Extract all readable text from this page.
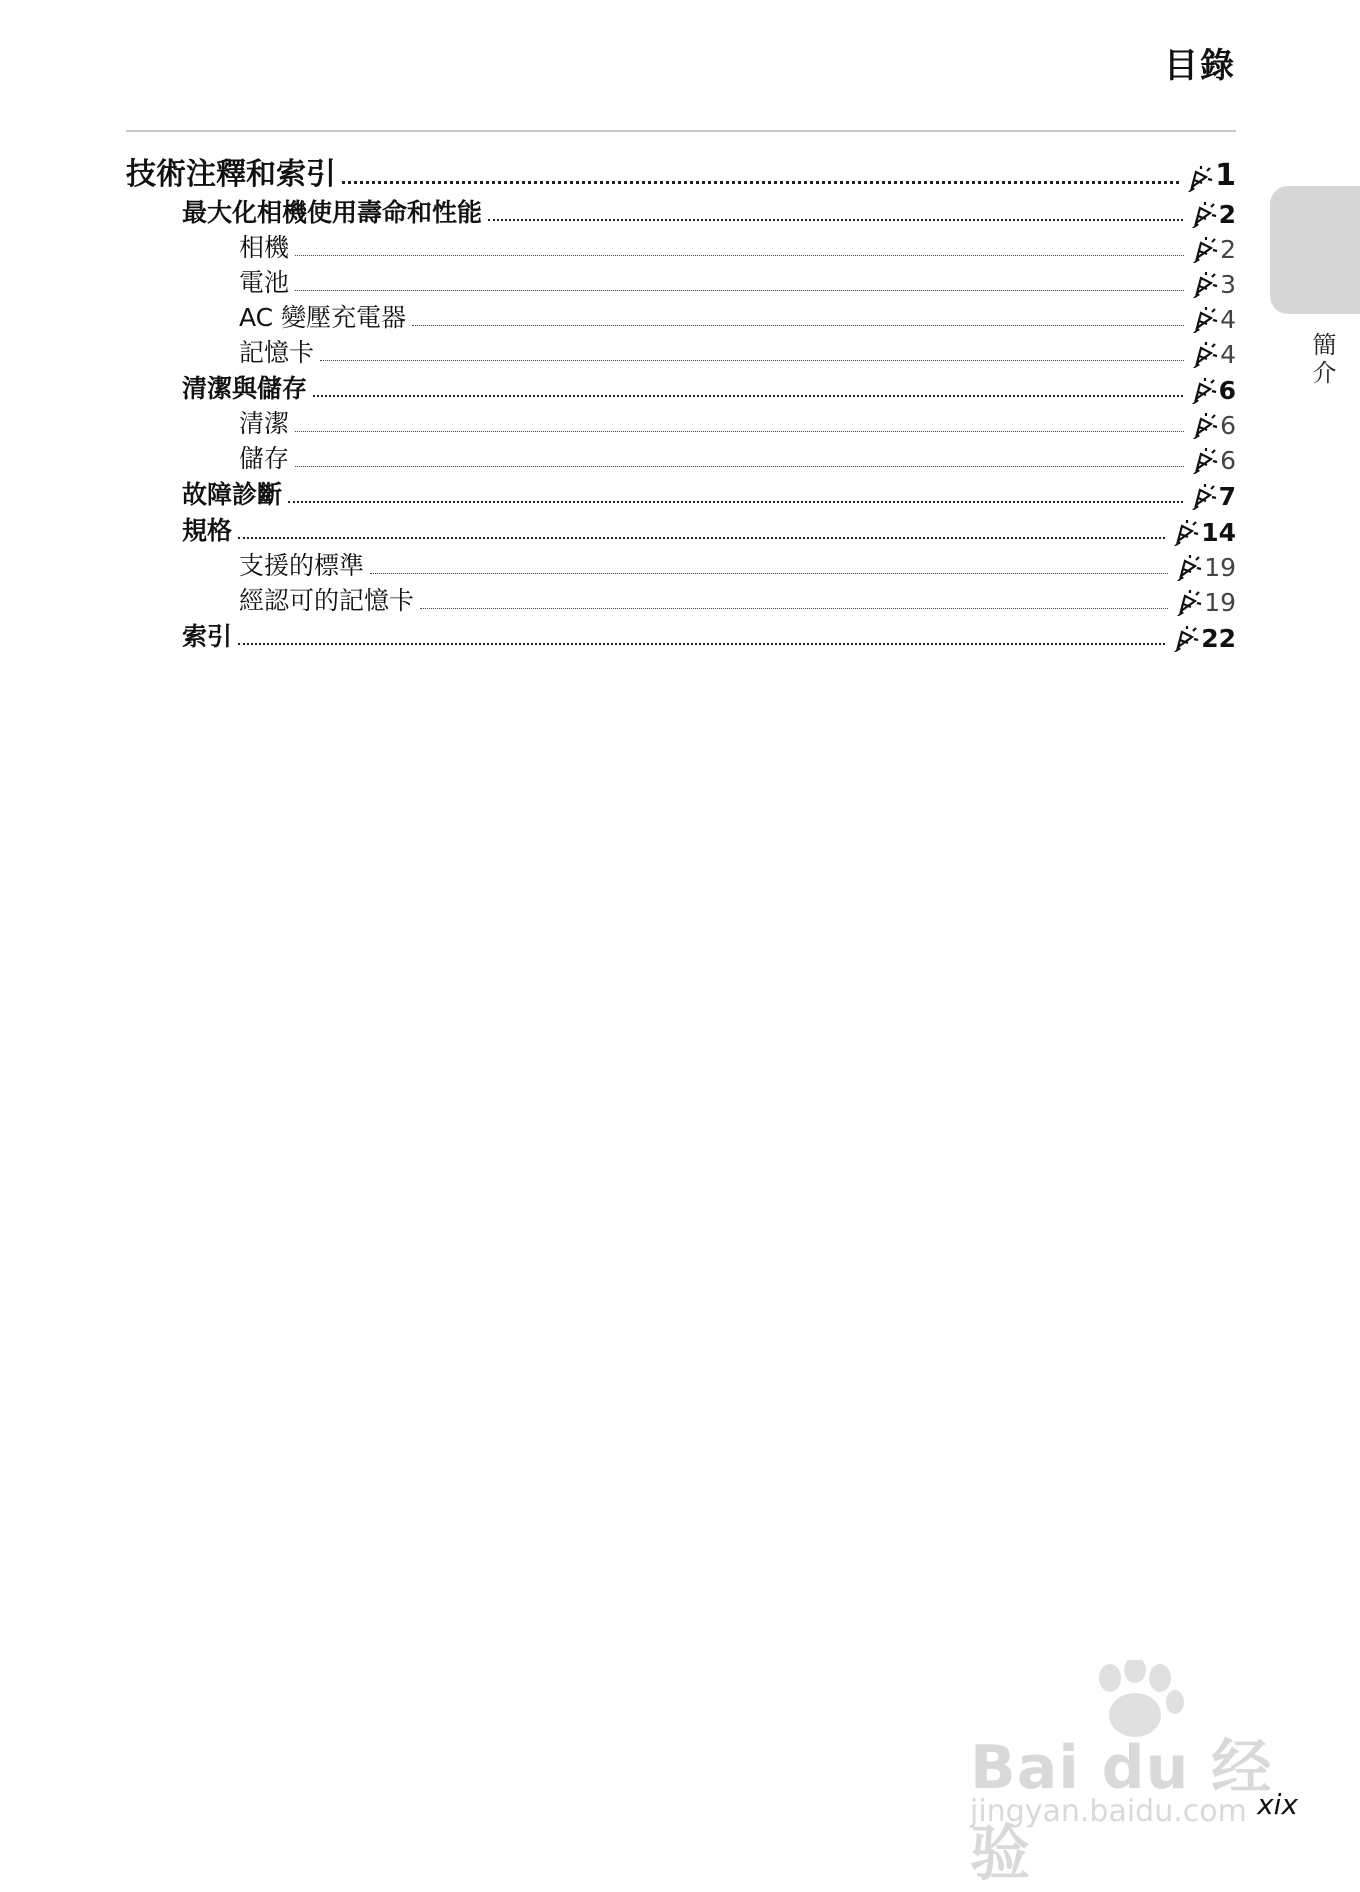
目錄
技術注釋和索引	1
最大化相機使用壽命和性能	2
相機	2
電池	3
AC 變壓充電器	4
記憶卡	4
清潔與儲存	6
清潔	6
儲存	6
故障診斷	7
規格	14
支援的標準	19
經認可的記憶卡	19
索引	22
簡介
Bai du 经验
jingyan.baidu.com xix
